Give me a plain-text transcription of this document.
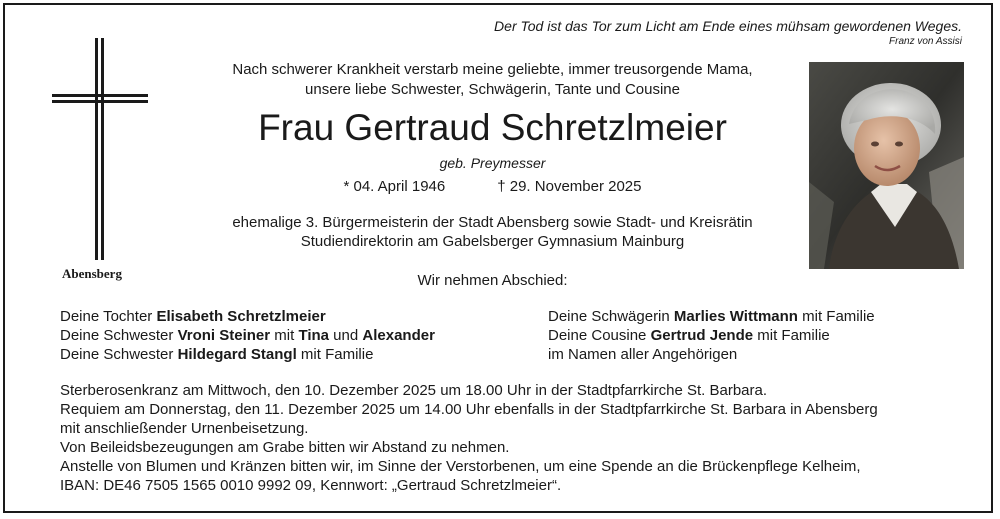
Der Tod ist das Tor zum Licht am Ende eines mühsam gewordenen Weges.
Franz von Assisi
Abensberg
Nach schwerer Krankheit verstarb meine geliebte, immer treusorgende Mama,
unsere liebe Schwester, Schwägerin, Tante und Cousine
Frau Gertraud Schretzlmeier
geb. Preymesser
* 04. April 1946	† 29. November 2025
ehemalige 3. Bürgermeisterin der Stadt Abensberg sowie Stadt- und Kreisrätin
Studiendirektorin am Gabelsberger Gymnasium Mainburg
Wir nehmen Abschied:
Deine Tochter Elisabeth Schretzlmeier
Deine Schwester Vroni Steiner mit Tina und Alexander
Deine Schwester Hildegard Stangl mit Familie
Deine Schwägerin Marlies Wittmann mit Familie
Deine Cousine Gertrud Jende mit Familie
im Namen aller Angehörigen
Sterberosenkranz am Mittwoch, den 10. Dezember 2025 um 18.00 Uhr in der Stadtpfarrkirche St. Barbara.
Requiem am Donnerstag, den 11. Dezember 2025 um 14.00 Uhr ebenfalls in der Stadtpfarrkirche St. Barbara in Abensberg
mit anschließender Urnenbeisetzung.
Von Beileidsbezeugungen am Grabe bitten wir Abstand zu nehmen.
Anstelle von Blumen und Kränzen bitten wir, im Sinne der Verstorbenen, um eine Spende an die Brückenpflege Kelheim,
IBAN: DE46 7505 1565 0010 9992 09, Kennwort: „Gertraud Schretzlmeier“.
